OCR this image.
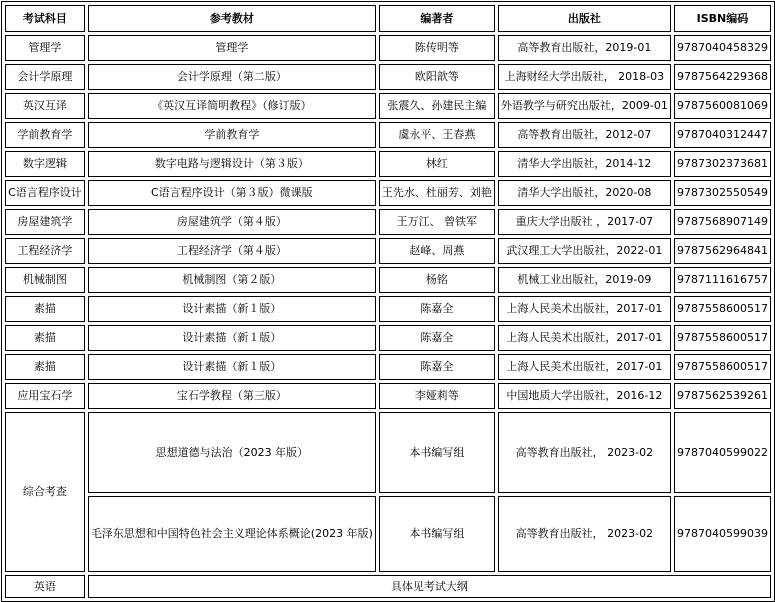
考试科目	参考教材	编著者	出版社	ISBN编码
管理学	管理学	陈传明等	高等教育出版社，2019-01	9787040458329
会计学原理	会计学原理（第二版）	欧阳歆等	上海财经大学出版社， 2018-03	9787564229368
英汉互译	《英汉互译简明教程》（修订版）	张震久、孙建民主编	外语教学与研究出版社，2009-01	9787560081069
学前教育学	学前教育学	虞永平、王春燕	高等教育出版社，2012-07	9787040312447
数字逻辑	数字电路与逻辑设计（第３版）	林红	清华大学出版社，2014-12	9787302373681
C语言程序设计	C语言程序设计（第３版）微课版	王先水、杜丽芳、刘艳	清华大学出版社，2020-08	9787302550549
房屋建筑学	房屋建筑学（第４版）	王万江、 曾铁军	重庆大学出版社 ，2017-07	9787568907149
工程经济学	工程经济学（第４版）	赵峰、周燕	武汉理工大学出版社，2022-01	9787562964841
机械制图	机械制图（第２版）	杨铭	机械工业出版社，2019-09	9787111616757
素描	设计素描（新１版）	陈嘉全	上海人民美术出版社，2017-01	9787558600517
素描	设计素描（新１版）	陈嘉全	上海人民美术出版社，2017-01	9787558600517
素描	设计素描（新１版）	陈嘉全	上海人民美术出版社，2017-01	9787558600517
应用宝石学	宝石学教程（第三版）	李娅莉等	中国地质大学出版社，2016-12	9787562539261
综合考查	思想道德与法治（2023 年版）	本书编写组	高等教育出版社， 2023-02	9787040599022
	毛泽东思想和中国特色社会主义理论体系概论(2023 年版)	本书编写组	高等教育出版社， 2023-02	9787040599039
英语	具体见考试大纲			
